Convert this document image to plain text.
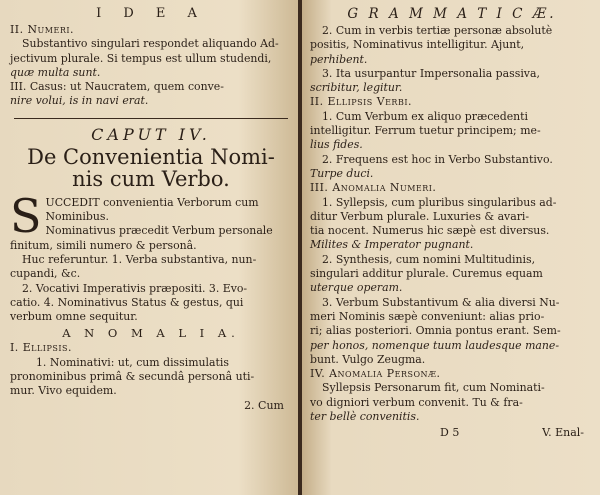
I D E A

II. Numeri.

Substantivo singulari respondet aliquando Ad-

jectivum plurale. Si tempus est ullum studendi,

quæ multa sunt.

III. Casus: ut Naucratem, quem conve-

nire volui, is in navi erat.

CAPUT IV.
De Convenientia Nomi-
nis cum Verbo.
S UCCEDIT convenientia Verborum cum

Nominibus.

Nominativus præcedit Verbum personale

finitum, simili numero & personâ.

Huc referuntur. 1. Verba substantiva, nun-

cupandi, &c.

2. Vocativi Imperativis præpositi. 3. Evo-

catio. 4. Nominativus Status & gestus, qui

verbum omne sequitur.

A N O M A L I A.

I. Ellipsis.

1. Nominativi: ut, cum dissimulatis

pronominibus primâ & secundâ personâ uti-

mur. Vivo equidem.

2. Cum
G R A M M A T I C Æ.

2. Cum in verbis tertiæ personæ absolutè

positis, Nominativus intelligitur. Ajunt,

perhibent.

3. Ita usurpantur Impersonalia passiva,

scribitur, legitur.

II. Ellipsis Verbi.

1. Cum Verbum ex aliquo præcedenti

intelligitur. Ferrum tuetur principem; me-

lius fides.

2. Frequens est hoc in Verbo Substantivo.

Turpe duci.

III. Anomalia Numeri.

1. Syllepsis, cum pluribus singularibus ad-

ditur Verbum plurale. Luxuries & avari-

tia nocent. Numerus hic sæpè est diversus.

Milites & Imperator pugnant.

2. Synthesis, cum nomini Multitudinis,

singulari additur plurale. Curemus equam

uterque operam.

3. Verbum Substantivum & alia diversi Nu-

meri Nominis sæpè conveniunt: alias prio-

ri; alias posteriori. Omnia pontus erant. Sem-

per honos, nomenque tuum laudesque mane-

bunt. Vulgo Zeugma.

IV. Anomalia Personæ.

Syllepsis Personarum fit, cum Nominati-

vo digniori verbum convenit. Tu & fra-

ter bellè convenitis.

D 5	V. Enal-
